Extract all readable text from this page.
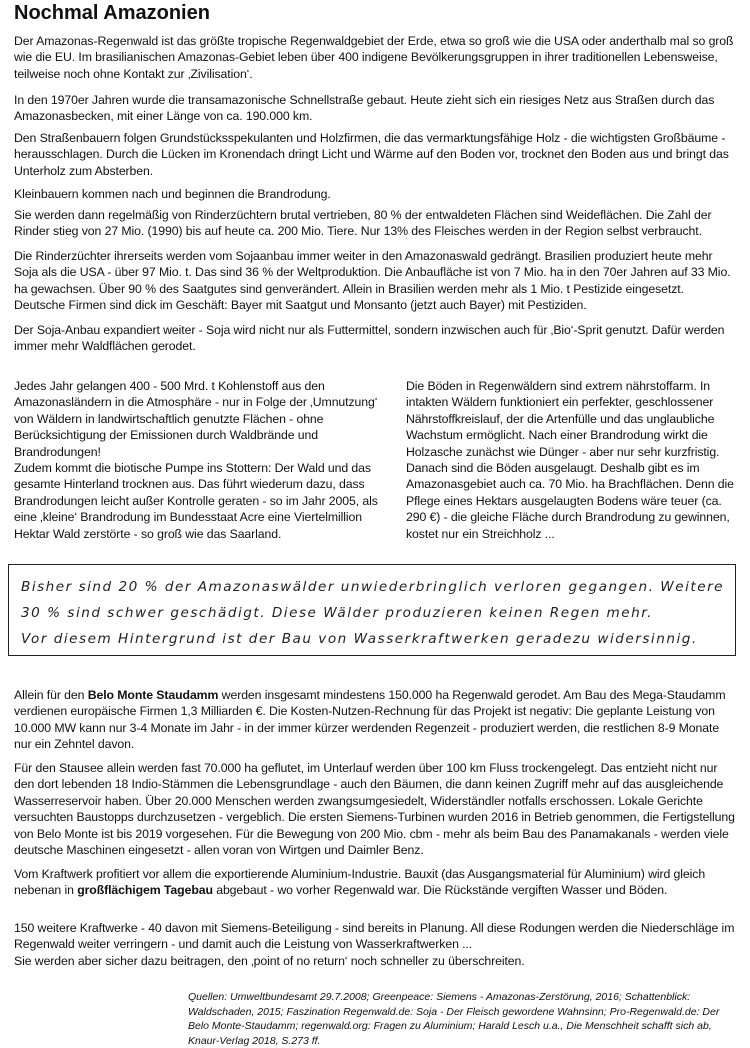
Nochmal Amazonien

Der Amazonas-Regenwald ist das größte tropische Regenwaldgebiet der Erde, etwa so groß wie die USA oder anderthalb mal so groß wie die EU. Im brasilianischen Amazonas-Gebiet leben über 400 indigene Bevölkerungsgruppen in ihrer traditionellen Lebensweise, teilweise noch ohne Kontakt zur ‚Zivilisation‘.

In den 1970er Jahren wurde die transamazonische Schnellstraße gebaut. Heute zieht sich ein riesiges Netz aus Straßen durch das Amazonasbecken, mit einer Länge von ca. 190.000 km.

Den Straßenbauern folgen Grundstücksspekulanten und Holzfirmen, die das vermarktungsfähige Holz - die wichtigsten Großbäume - herausschlagen. Durch die Lücken im Kronendach dringt Licht und Wärme auf den Boden vor, trocknet den Boden aus und bringt das Unterholz zum Absterben.

Kleinbauern kommen nach und beginnen die Brandrodung.

Sie werden dann regelmäßig von Rinderzüchtern brutal vertrieben, 80 % der entwaldeten Flächen sind Weideflächen. Die Zahl der Rinder stieg von 27 Mio. (1990) bis auf heute ca. 200 Mio. Tiere. Nur 13% des Fleisches werden in der Region selbst verbraucht.

Die Rinderzüchter ihrerseits werden vom Sojaanbau immer weiter in den Amazonaswald gedrängt. Brasilien produziert heute mehr Soja als die USA - über 97 Mio. t. Das sind 36 % der Weltproduktion. Die Anbaufläche ist von 7 Mio. ha in den 70er Jahren auf 33 Mio. ha gewachsen. Über 90 % des Saatgutes sind genverändert. Allein in Brasilien werden mehr als 1 Mio. t Pestizide eingesetzt. Deutsche Firmen sind dick im Geschäft: Bayer mit Saatgut und Monsanto (jetzt auch Bayer) mit Pestiziden.

Der Soja-Anbau expandiert weiter - Soja wird nicht nur als Futtermittel, sondern inzwischen auch für ‚Bio‘-Sprit genutzt. Dafür werden immer mehr Waldflächen gerodet.

Jedes Jahr gelangen 400 - 500 Mrd. t Kohlenstoff aus den Amazonasländern in die Atmosphäre - nur in Folge der ‚Umnutzung‘ von Wäldern in landwirtschaftlich genutzte Flächen - ohne Berücksichtigung der Emissionen durch Waldbrände und Brandrodungen!
Zudem kommt die biotische Pumpe ins Stottern: Der Wald und das gesamte Hinterland trocknen aus. Das führt wiederum dazu, dass Brandrodungen leicht außer Kontrolle geraten - so im Jahr 2005, als eine ‚kleine‘ Brandrodung im Bundesstaat Acre eine Viertelmillion Hektar Wald zerstörte - so groß wie das Saarland.

Die Böden in Regenwäldern sind extrem nährstoffarm. In intakten Wäldern funktioniert ein perfekter, geschlossener Nährstoffkreislauf, der die Artenfülle und das unglaubliche Wachstum ermöglicht. Nach einer Brandrodung wirkt die Holzasche zunächst wie Dünger - aber nur sehr kurzfristig. Danach sind die Böden ausgelaugt. Deshalb gibt es im Amazonasgebiet auch ca. 70 Mio. ha Brachflächen. Denn die Pflege eines Hektars ausgelaugten Bodens wäre teuer (ca. 290 €) - die gleiche Fläche durch Brandrodung zu gewinnen, kostet nur ein Streichholz ...

Bisher sind 20 % der Amazonaswälder unwiederbringlich verloren gegangen. Weitere

30 % sind schwer geschädigt. Diese Wälder produzieren keinen Regen mehr.

Vor diesem Hintergrund ist der Bau von Wasserkraftwerken geradezu widersinnig.

Allein für den Belo Monte Staudamm werden insgesamt mindestens 150.000 ha Regenwald gerodet. Am Bau des Mega-Staudamm verdienen europäische Firmen 1,3 Milliarden €. Die Kosten-Nutzen-Rechnung für das Projekt ist negativ: Die geplante Leistung von 10.000 MW kann nur 3-4 Monate im Jahr - in der immer kürzer werdenden Regenzeit - produziert werden, die restlichen 8-9 Monate nur ein Zehntel davon.

Für den Stausee allein werden fast 70.000 ha geflutet, im Unterlauf werden über 100 km Fluss trockengelegt. Das entzieht nicht nur den dort lebenden 18 Indio-Stämmen die Lebensgrundlage - auch den Bäumen, die dann keinen Zugriff mehr auf das ausgleichende Wasserreservoir haben. Über 20.000 Menschen werden zwangsumgesiedelt, Widerständler notfalls erschossen. Lokale Gerichte versuchten Baustopps durchzusetzen - vergeblich. Die ersten Siemens-Turbinen wurden 2016 in Betrieb genommen, die Fertigstellung von Belo Monte ist bis 2019 vorgesehen. Für die Bewegung von 200 Mio. cbm - mehr als beim Bau des Panamakanals - werden viele deutsche Maschinen eingesetzt - allen voran von Wirtgen und Daimler Benz.

Vom Kraftwerk profitiert vor allem die exportierende Aluminium-Industrie. Bauxit (das Ausgangsmaterial für Aluminium) wird gleich nebenan in großflächigem Tagebau abgebaut - wo vorher Regenwald war. Die Rückstände vergiften Wasser und Böden.

150 weitere Kraftwerke - 40 davon mit Siemens-Beteiligung - sind bereits in Planung. All diese Rodungen werden die Niederschläge im Regenwald weiter verringern - und damit auch die Leistung von Wasserkraftwerken ...

Sie werden aber sicher dazu beitragen, den ‚point of no return‘ noch schneller zu überschreiten.

Quellen: Umweltbundesamt 29.7.2008; Greenpeace: Siemens - Amazonas-Zerstörung, 2016; Schattenblick: Waldschaden, 2015; Faszination Regenwald.de: Soja - Der Fleisch gewordene Wahnsinn; Pro-Regenwald.de: Der Belo Monte-Staudamm; regenwald.org: Fragen zu Aluminium; Harald Lesch u.a., Die Menschheit schafft sich ab, Knaur-Verlag 2018, S.273 ff.
